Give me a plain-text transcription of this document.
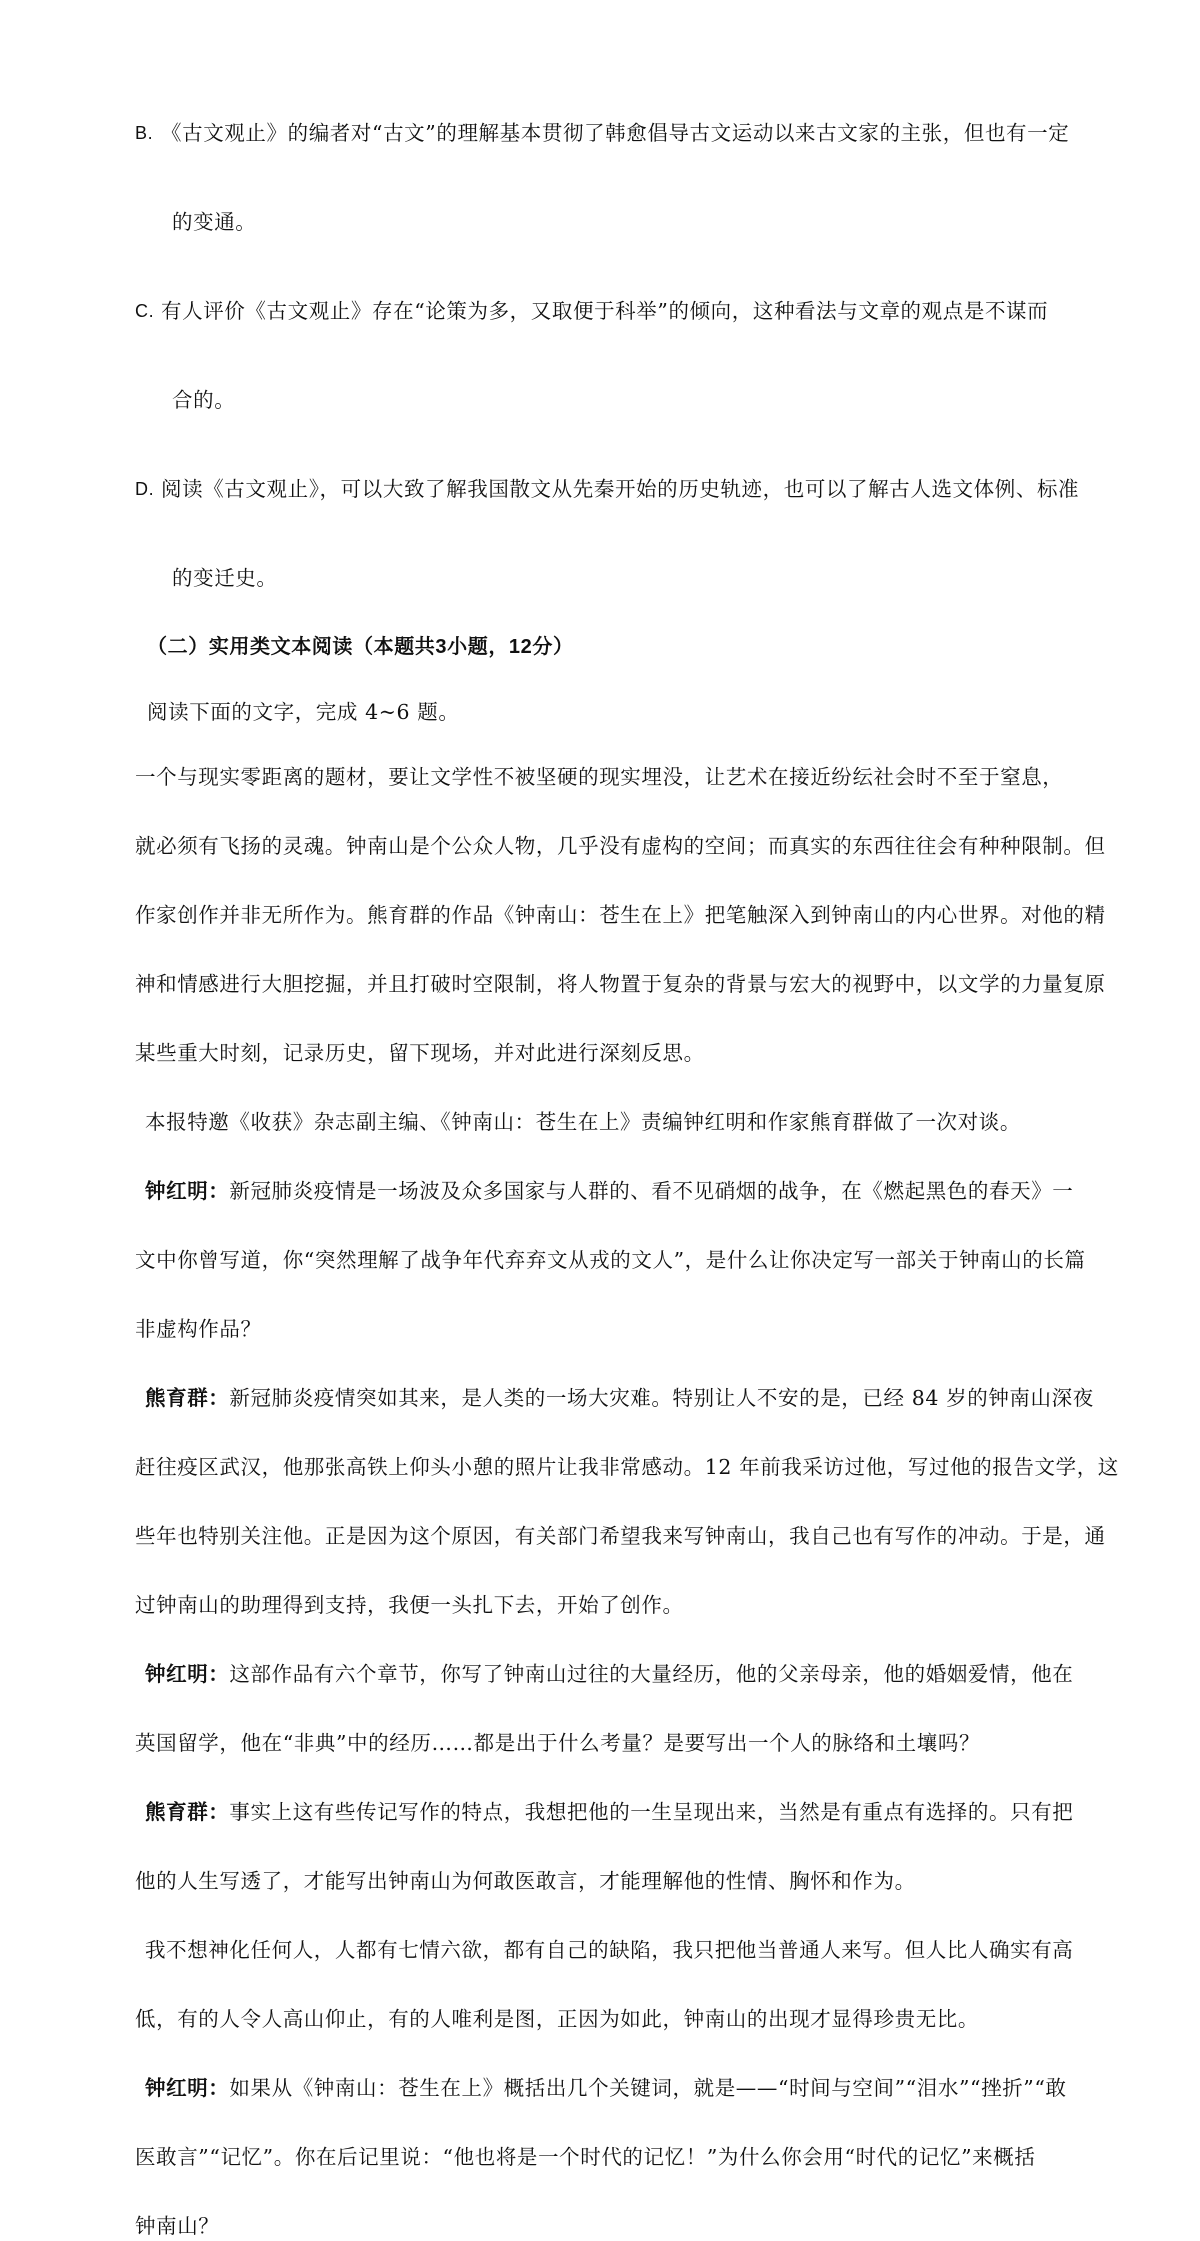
B. 《古文观止》的编者对“古文”的理解基本贯彻了韩愈倡导古文运动以来古文家的主张，但也有一定
的变通。
C. 有人评价《古文观止》存在“论策为多，又取便于科举”的倾向，这种看法与文章的观点是不谋而
合的。
D. 阅读《古文观止》，可以大致了解我国散文从先秦开始的历史轨迹，也可以了解古人选文体例、标准
的变迁史。
（二）实用类文本阅读（本题共3小题，12分）
阅读下面的文字，完成 4~6 题。
一个与现实零距离的题材，要让文学性不被坚硬的现实埋没，让艺术在接近纷纭社会时不至于窒息，
就必须有飞扬的灵魂。钟南山是个公众人物，几乎没有虚构的空间；而真实的东西往往会有种种限制。但
作家创作并非无所作为。熊育群的作品《钟南山：苍生在上》把笔触深入到钟南山的内心世界。对他的精
神和情感进行大胆挖掘，并且打破时空限制，将人物置于复杂的背景与宏大的视野中，以文学的力量复原
某些重大时刻，记录历史，留下现场，并对此进行深刻反思。
本报特邀《收获》杂志副主编、《钟南山：苍生在上》责编钟红明和作家熊育群做了一次对谈。
钟红明：新冠肺炎疫情是一场波及众多国家与人群的、看不见硝烟的战争，在《燃起黑色的春天》一
文中你曾写道，你“突然理解了战争年代弃弃文从戎的文人”，是什么让你决定写一部关于钟南山的长篇
非虚构作品？
熊育群：新冠肺炎疫情突如其来，是人类的一场大灾难。特别让人不安的是，已经 84 岁的钟南山深夜
赶往疫区武汉，他那张高铁上仰头小憩的照片让我非常感动。12 年前我采访过他，写过他的报告文学，这
些年也特别关注他。正是因为这个原因，有关部门希望我来写钟南山，我自己也有写作的冲动。于是，通
过钟南山的助理得到支持，我便一头扎下去，开始了创作。
钟红明：这部作品有六个章节，你写了钟南山过往的大量经历，他的父亲母亲，他的婚姻爱情，他在
英国留学，他在“非典”中的经历……都是出于什么考量？是要写出一个人的脉络和土壤吗？
熊育群：事实上这有些传记写作的特点，我想把他的一生呈现出来，当然是有重点有选择的。只有把
他的人生写透了，才能写出钟南山为何敢医敢言，才能理解他的性情、胸怀和作为。
我不想神化任何人，人都有七情六欲，都有自己的缺陷，我只把他当普通人来写。但人比人确实有高
低，有的人令人高山仰止，有的人唯利是图，正因为如此，钟南山的出现才显得珍贵无比。
钟红明：如果从《钟南山：苍生在上》概括出几个关键词，就是——“时间与空间”“泪水”“挫折”“敢
医敢言”“记忆”。你在后记里说：“他也将是一个时代的记忆！”为什么你会用“时代的记忆”来概括
钟南山？
